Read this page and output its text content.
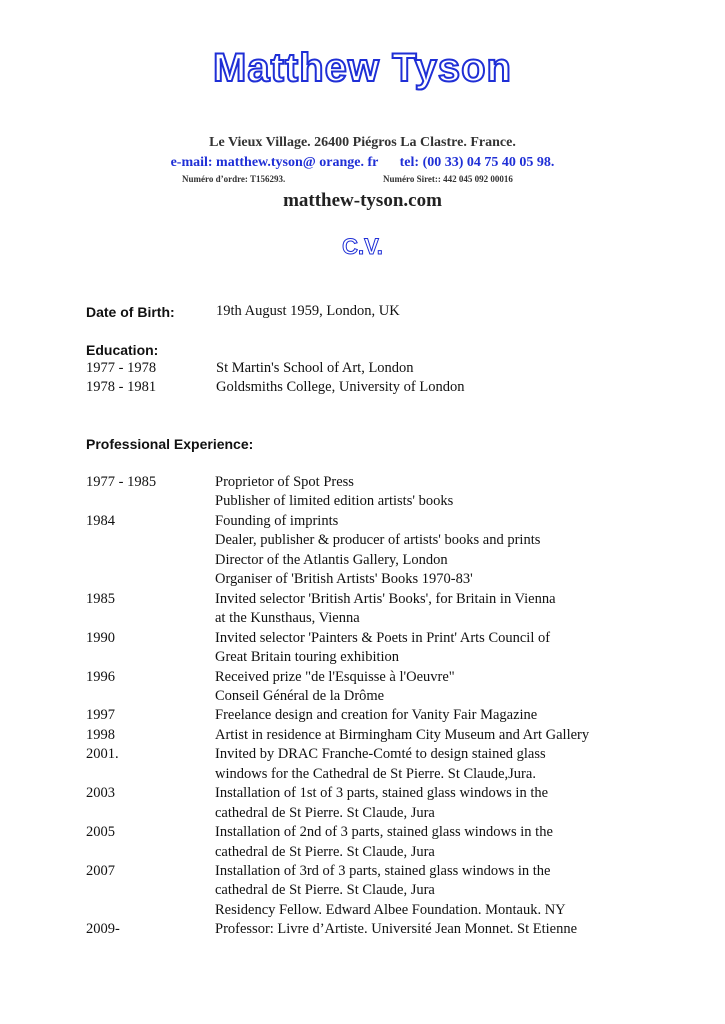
Matthew Tyson
Le Vieux Village. 26400 Piégros La Clastre. France.
e-mail: matthew.tyson@ orange. fr tel: (00 33) 04 75 40 05 98.
Numéro d’ordre: T156293.	Numéro Siret:: 442 045 092 00016
matthew-tyson.com
C.V.
Date of Birth:	19th August 1959, London, UK
Education:
1977 - 1978	St Martin's School of Art, London
1978 - 1981	Goldsmiths College, University of London
Professional Experience:
1977 - 1985	Proprietor of Spot Press
Publisher of limited edition artists' books
1984	Founding of imprints
Dealer, publisher & producer of artists' books and prints
Director of the Atlantis Gallery, London
Organiser of 'British Artists' Books 1970-83'
1985	Invited selector 'British Artis' Books', for Britain in Vienna
at the Kunsthaus, Vienna
1990	Invited selector 'Painters & Poets in Print' Arts Council of
Great Britain touring exhibition
1996	Received prize "de l'Esquisse à l'Oeuvre"
Conseil Général de la Drôme
1997	Freelance design and creation for Vanity Fair Magazine
1998	Artist in residence at Birmingham City Museum and Art Gallery
2001.	Invited by DRAC Franche-Comté to design stained glass
windows for the Cathedral de St Pierre. St Claude,Jura.
2003	Installation of 1st of 3 parts, stained glass windows in the
cathedral de St Pierre. St Claude, Jura
2005	Installation of 2nd of 3 parts, stained glass windows in the
cathedral de St Pierre. St Claude, Jura
2007	Installation of 3rd of 3 parts, stained glass windows in the
cathedral de St Pierre. St Claude, Jura
Residency Fellow. Edward Albee Foundation. Montauk. NY
2009-	Professor: Livre d’Artiste. Université Jean Monnet. St Etienne
